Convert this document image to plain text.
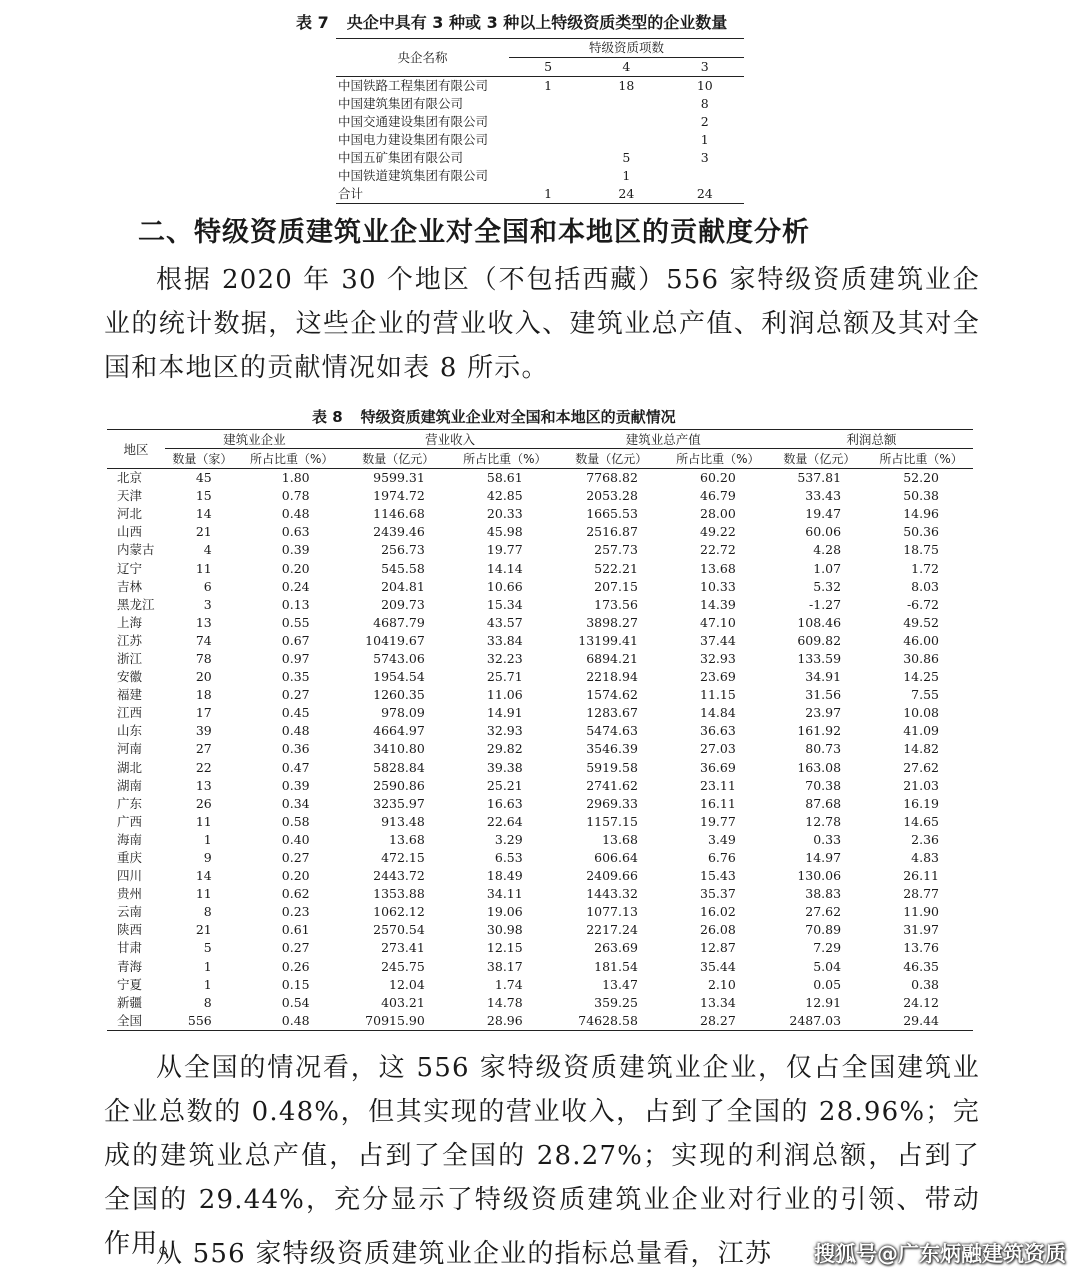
表 7 央企中具有 3 种或 3 种以上特级资质类型的企业数量
央企名称	特级资质项数		
	5	4	3
中国铁路工程集团有限公司	1	18	10
中国建筑集团有限公司			8
中国交通建设集团有限公司			2
中国电力建设集团有限公司			1
中国五矿集团有限公司		5	3
中国铁道建筑集团有限公司		1	
合计	1	24	24
二、特级资质建筑业企业对全国和本地区的贡献度分析
根据 2020 年 30 个地区（不包括西藏）556 家特级资质建筑业企业的统计数据，这些企业的营业收入、建筑业总产值、利润总额及其对全国和本地区的贡献情况如表 8 所示。
表 8 特级资质建筑业企业对全国和本地区的贡献情况
地区	建筑业企业		营业收入		建筑业总产值		利润总额	
	数量（家）	所占比重（%）	数量（亿元）	所占比重（%）	数量（亿元）	所占比重（%）	数量（亿元）	所占比重（%）
北京	45	1.80	9599.31	58.61	7768.82	60.20	537.81	52.20
天津	15	0.78	1974.72	42.85	2053.28	46.79	33.43	50.38
河北	14	0.48	1146.68	20.33	1665.53	28.00	19.47	14.96
山西	21	0.63	2439.46	45.98	2516.87	49.22	60.06	50.36
内蒙古	4	0.39	256.73	19.77	257.73	22.72	4.28	18.75
辽宁	11	0.20	545.58	14.14	522.21	13.68	1.07	1.72
吉林	6	0.24	204.81	10.66	207.15	10.33	5.32	8.03
黑龙江	3	0.13	209.73	15.34	173.56	14.39	-1.27	-6.72
上海	13	0.55	4687.79	43.57	3898.27	47.10	108.46	49.52
江苏	74	0.67	10419.67	33.84	13199.41	37.44	609.82	46.00
浙江	78	0.97	5743.06	32.23	6894.21	32.93	133.59	30.86
安徽	20	0.35	1954.54	25.71	2218.94	23.69	34.91	14.25
福建	18	0.27	1260.35	11.06	1574.62	11.15	31.56	7.55
江西	17	0.45	978.09	14.91	1283.67	14.84	23.97	10.08
山东	39	0.48	4664.97	32.93	5474.63	36.63	161.92	41.09
河南	27	0.36	3410.80	29.82	3546.39	27.03	80.73	14.82
湖北	22	0.47	5828.84	39.38	5919.58	36.69	163.08	27.62
湖南	13	0.39	2590.86	25.21	2741.62	23.11	70.38	21.03
广东	26	0.34	3235.97	16.63	2969.33	16.11	87.68	16.19
广西	11	0.58	913.48	22.64	1157.15	19.77	12.78	14.65
海南	1	0.40	13.68	3.29	13.68	3.49	0.33	2.36
重庆	9	0.27	472.15	6.53	606.64	6.76	14.97	4.83
四川	14	0.20	2443.72	18.49	2409.66	15.43	130.06	26.11
贵州	11	0.62	1353.88	34.11	1443.32	35.37	38.83	28.77
云南	8	0.23	1062.12	19.06	1077.13	16.02	27.62	11.90
陕西	21	0.61	2570.54	30.98	2217.24	26.08	70.89	31.97
甘肃	5	0.27	273.41	12.15	263.69	12.87	7.29	13.76
青海	1	0.26	245.75	38.17	181.54	35.44	5.04	46.35
宁夏	1	0.15	12.04	1.74	13.47	2.10	0.05	0.38
新疆	8	0.54	403.21	14.78	359.25	13.34	12.91	24.12
全国	556	0.48	70915.90	28.96	74628.58	28.27	2487.03	29.44
从全国的情况看，这 556 家特级资质建筑业企业，仅占全国建筑业企业总数的 0.48%，但其实现的营业收入，占到了全国的 28.96%；完成的建筑业总产值，占到了全国的 28.27%；实现的利润总额，占到了全国的 29.44%，充分显示了特级资质建筑业企业对行业的引领、带动作用。
从 556 家特级资质建筑业企业的指标总量看，江苏	搜狐号@广东炳融建筑资质
